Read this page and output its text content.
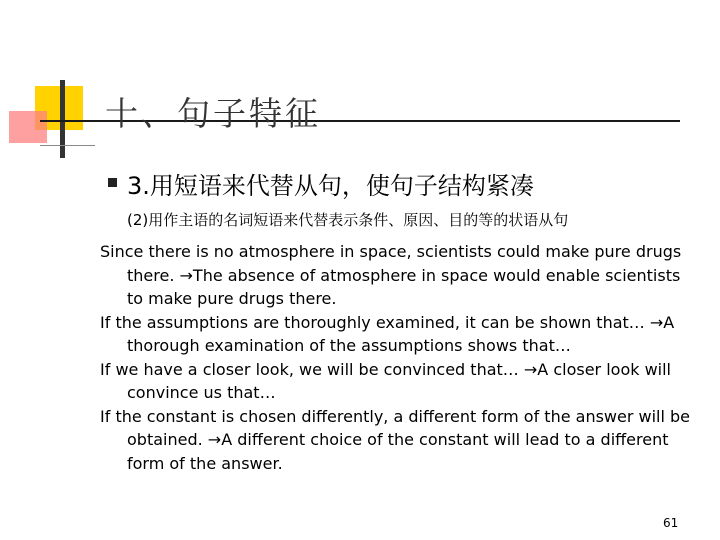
十、句子特征
3.用短语来代替从句，使句子结构紧凑
(2)用作主语的名词短语来代替表示条件、原因、目的等的状语从句
Since there is no atmosphere in space, scientists could make pure drugs there. →The absence of atmosphere in space would enable scientists to make pure drugs there.
If the assumptions are thoroughly examined, it can be shown that… →A thorough examination of the assumptions shows that…
If we have a closer look, we will be convinced that… →A closer look will convince us that…
If the constant is chosen differently, a different form of the answer will be obtained. →A different choice of the constant will lead to a different form of the answer.
61
